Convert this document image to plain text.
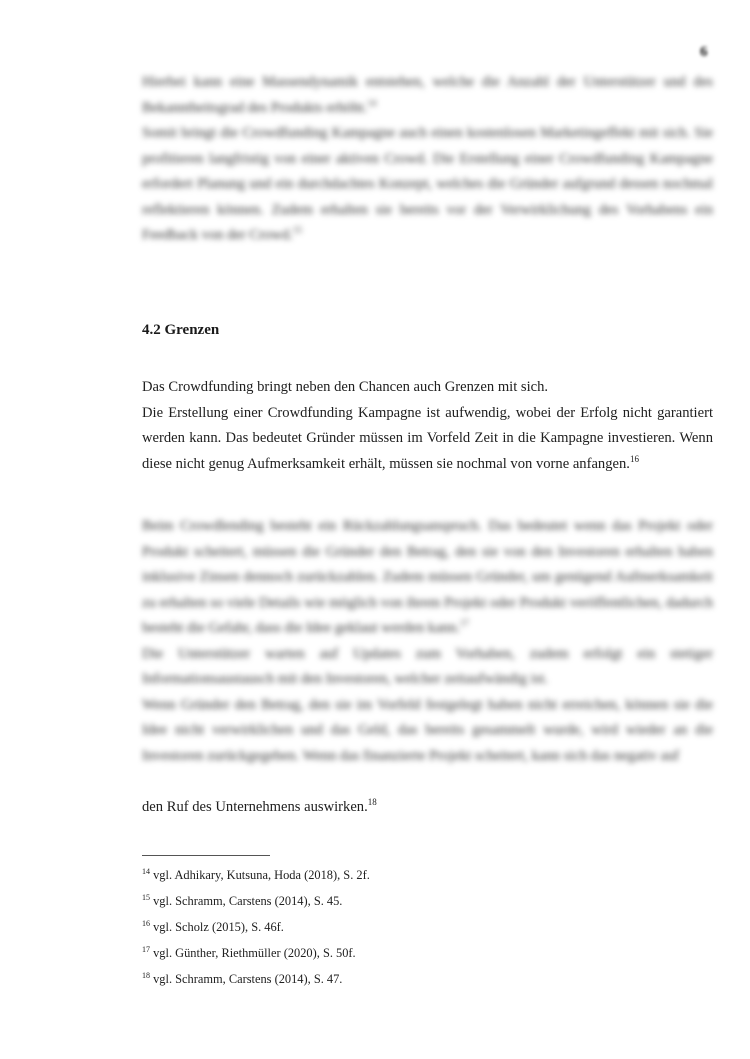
6

Hierbei kann eine Massendynamik entstehen, welche die Anzahl der Unterstützer und des Bekanntheitsgrad des Produkts erhöht.$^{14}$

Somit bringt die Crowdfunding Kampagne auch einen kostenlosen Marketingeffekt mit sich. Sie profitieren langfristig von einer aktiven Crowd. Die Erstellung einer Crowdfunding Kampagne erfordert Planung und ein durchdachtes Konzept, welches die Gründer aufgrund dessen nochmal reflektieren können. Zudem erhalten sie bereits vor der Verwirklichung des Vorhabens ein Feedback von der Crowd.$^{15}$

4.2 Grenzen

Das Crowdfunding bringt neben den Chancen auch Grenzen mit sich.

Die Erstellung einer Crowdfunding Kampagne ist aufwendig, wobei der Erfolg nicht garantiert werden kann. Das bedeutet Gründer müssen im Vorfeld Zeit in die Kampagne investieren. Wenn diese nicht genug Aufmerksamkeit erhält, müssen sie nochmal von vorne anfangen.$^{16}$

Beim Crowdlending besteht ein Rückzahlungsanspruch. Das bedeutet wenn das Projekt oder Produkt scheitert, müssen die Gründer den Betrag, den sie von den Investoren erhalten haben inklusive Zinsen dennoch zurückzahlen. Zudem müssen Gründer, um genügend Aufmerksamkeit zu erhalten so viele Details wie möglich von ihrem Projekt oder Produkt veröffentlichen, dadurch besteht die Gefahr, dass die Idee geklaut werden kann.$^{17}$

Die Unterstützer warten auf Updates zum Vorhaben, zudem erfolgt ein stetiger Informationsaustausch mit den Investoren, welcher zeitaufwändig ist.

Wenn Gründer den Betrag, den sie im Vorfeld festgelegt haben nicht erreichen, können sie die Idee nicht verwirklichen und das Geld, das bereits gesammelt wurde, wird wieder an die Investoren zurückgegeben. Wenn das finanzierte Projekt scheitert, kann sich das negativ auf

den Ruf des Unternehmens auswirken.$^{18}$
$^{14}$ vgl. Adhikary, Kutsuna, Hoda (2018), S. 2f.
$^{15}$ vgl. Schramm, Carstens (2014), S. 45.
$^{16}$ vgl. Scholz (2015), S. 46f.
$^{17}$ vgl. Günther, Riethmüller (2020), S. 50f.
$^{18}$ vgl. Schramm, Carstens (2014), S. 47.
